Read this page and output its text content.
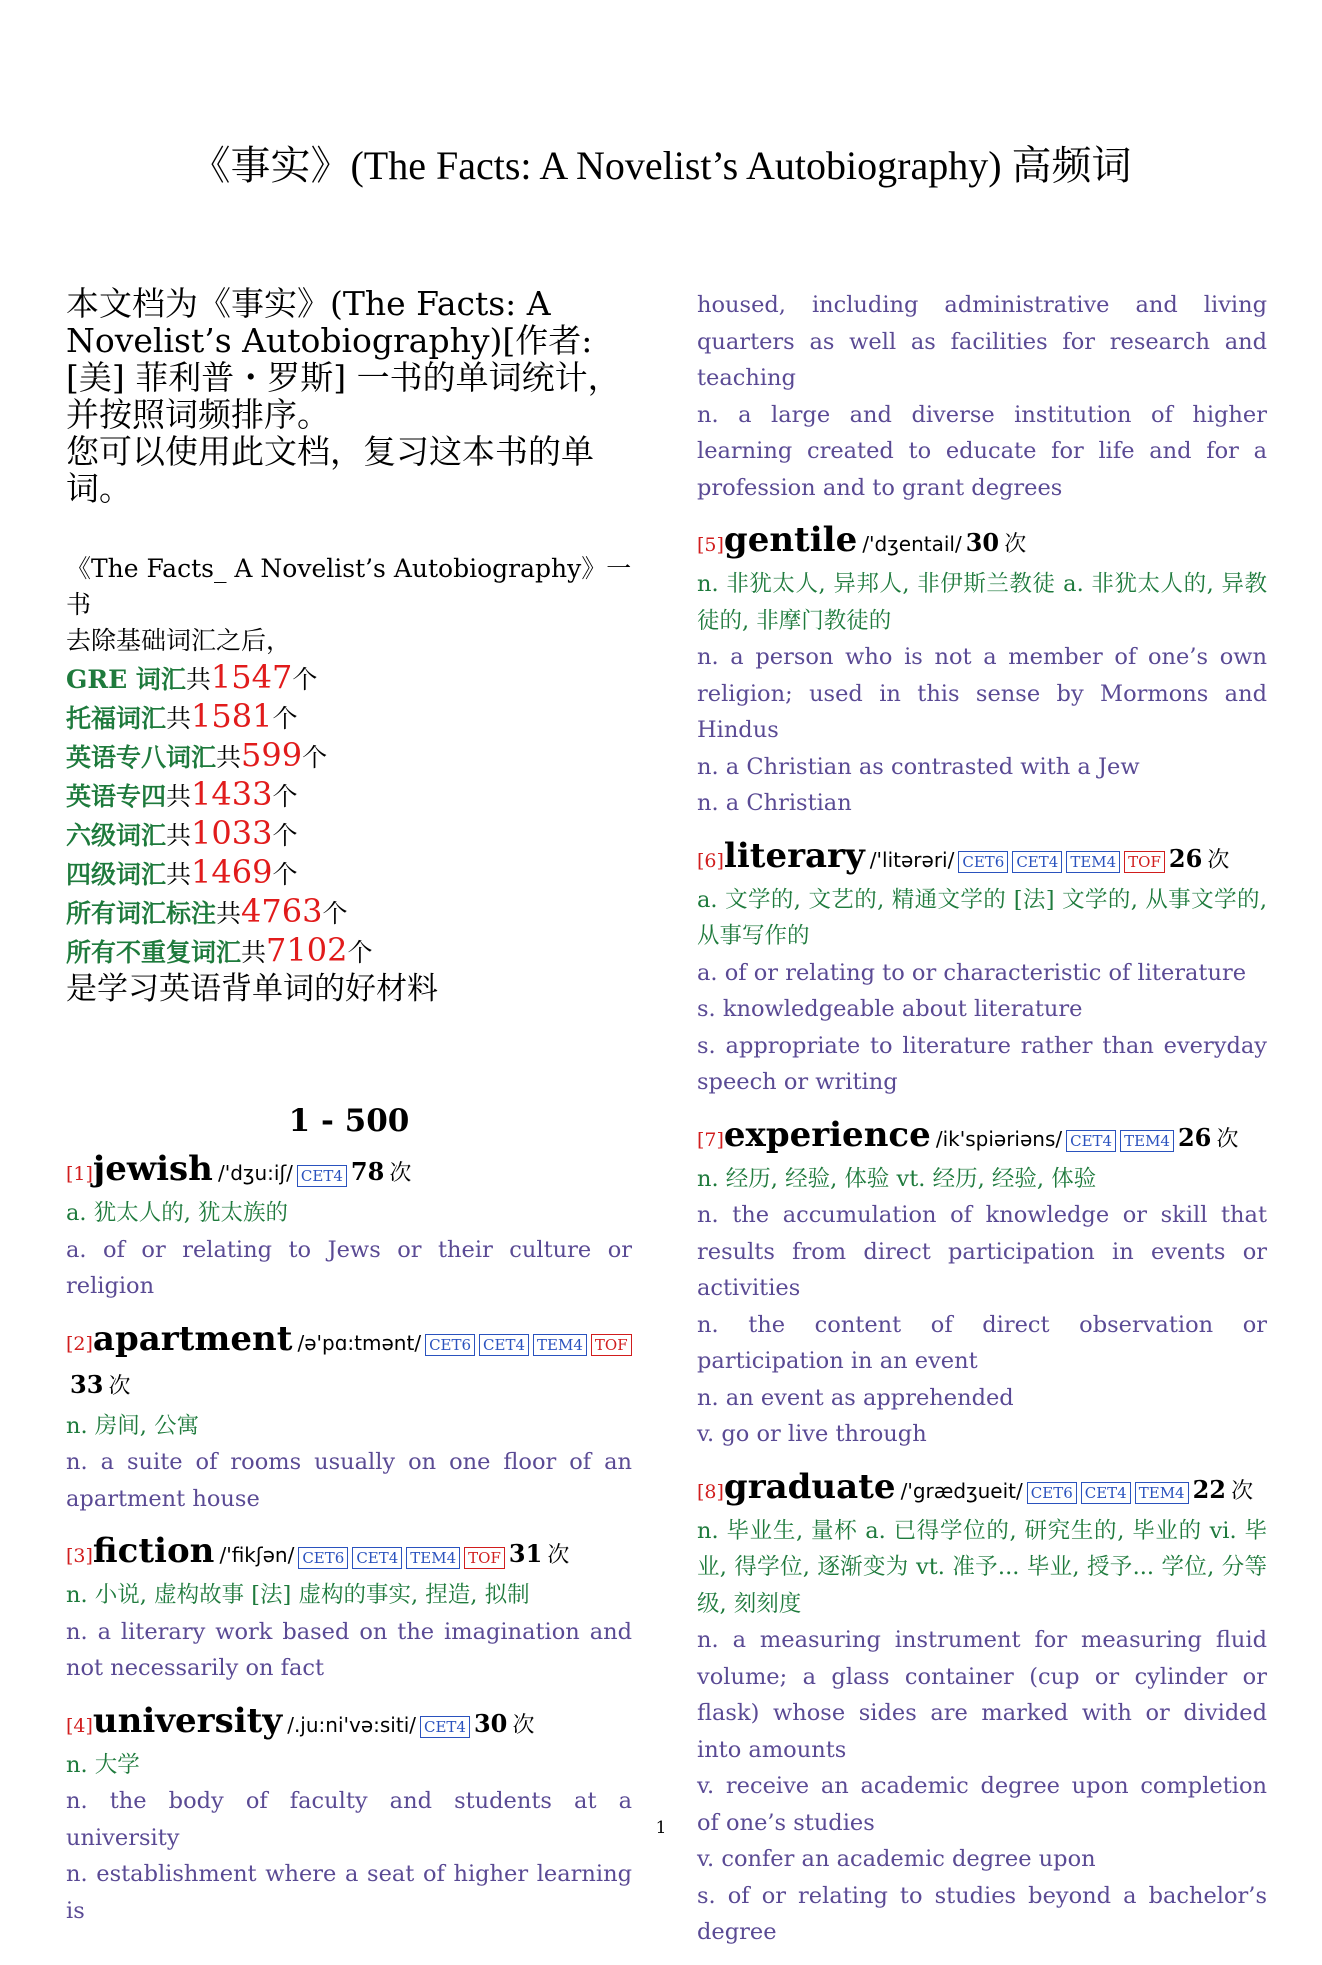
《事实》(The Facts: A Novelist’s Autobiography) 高频词
本文档为《事实》(The Facts: A Novelist’s Autobiography)[作者: [美] 菲利普・罗斯] 一书的单词统计，并按照词频排序。
您可以使用此文档，复习这本书的单词。
《The Facts_ A Novelist’s Autobiography》一书
去除基础词汇之后，
GRE 词汇共1547个
托福词汇共1581个
英语专八词汇共599个
英语专四共1433个
六级词汇共1033个
四级词汇共1469个
所有词汇标注共4763个
所有不重复词汇共7102个
是学习英语背单词的好材料
1 - 500
[1]jewish /'dʒu:iʃ/ CET4 78 次
a. 犹太人的, 犹太族的
a. of or relating to Jews or their culture or religion
[2]apartment /ə'pɑ:tmənt/ CET6 CET4 TEM4 TOF33 次
n. 房间, 公寓
n. a suite of rooms usually on one floor of an apartment house
[3]fiction /'fikʃən/ CET6 CET4 TEM4 TOF 31 次
n. 小说, 虚构故事 [法] 虚构的事实, 捏造, 拟制
n. a literary work based on the imagination and not necessarily on fact
[4]university /.ju:ni'və:siti/ CET4 30 次
n. 大学
n. the body of faculty and students at a university
n. establishment where a seat of higher learning is
housed, including administrative and living quarters as well as facilities for research and teaching
n. a large and diverse institution of higher learning created to educate for life and for a profession and to grant degrees
[5]gentile /'dʒentail/ 30 次
n. 非犹太人, 异邦人, 非伊斯兰教徒 a. 非犹太人的, 异教徒的, 非摩门教徒的
n. a person who is not a member of one’s own religion; used in this sense by Mormons and Hindus
n. a Christian as contrasted with a Jew
n. a Christian
[6]literary /'litərəri/ CET6 CET4 TEM4 TOF 26 次
a. 文学的, 文艺的, 精通文学的 [法] 文学的, 从事文学的, 从事写作的
a. of or relating to or characteristic of literature
s. knowledgeable about literature
s. appropriate to literature rather than everyday speech or writing
[7]experience /ik'spiəriəns/ CET4 TEM4 26 次
n. 经历, 经验, 体验 vt. 经历, 经验, 体验
n. the accumulation of knowledge or skill that results from direct participation in events or activities
n. the content of direct observation or participation in an event
n. an event as apprehended
v. go or live through
[8]graduate /'grædʒueit/ CET6 CET4 TEM4 22 次
n. 毕业生, 量杯 a. 已得学位的, 研究生的, 毕业的 vi. 毕业, 得学位, 逐渐变为 vt. 准予... 毕业, 授予... 学位, 分等级, 刻刻度
n. a measuring instrument for measuring fluid volume; a glass container (cup or cylinder or flask) whose sides are marked with or divided into amounts
v. receive an academic degree upon completion of one’s studies
v. confer an academic degree upon
s. of or relating to studies beyond a bachelor’s degree
1
